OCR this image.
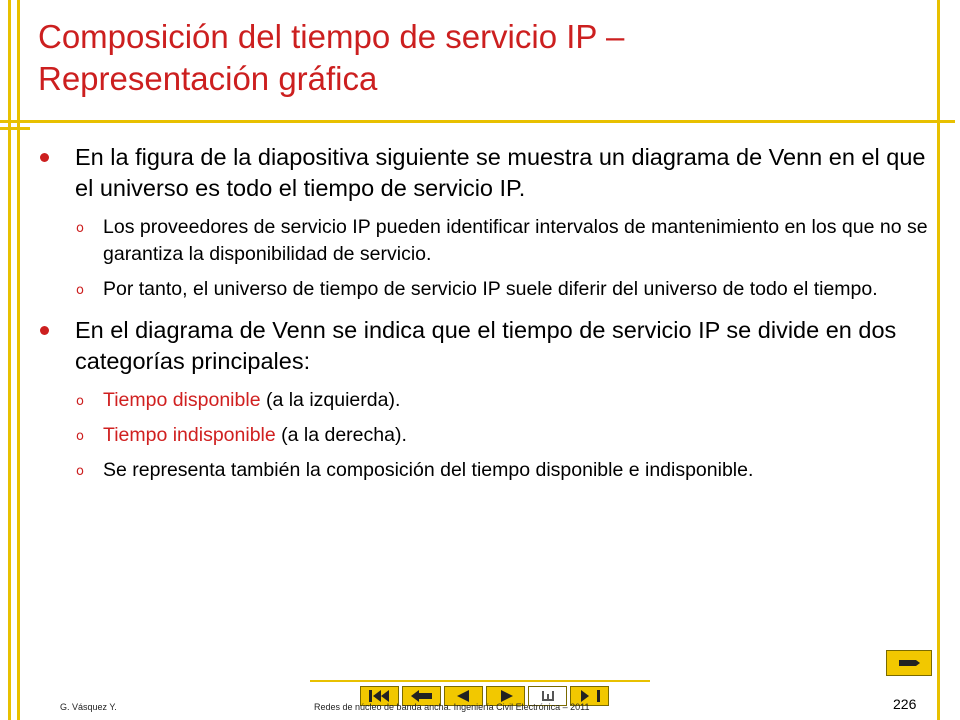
Composición del tiempo de servicio IP –
Representación gráfica
En la figura de la diapositiva siguiente se muestra un diagrama de Venn en el que el universo es todo el tiempo de servicio IP.
o Los proveedores de servicio IP pueden identificar intervalos de mantenimiento en los que no se garantiza la disponibilidad de servicio.
o Por tanto, el universo de tiempo de servicio IP suele diferir del universo de todo el tiempo.
En el diagrama de Venn se indica que el tiempo de servicio IP se divide en dos categorías principales:
o Tiempo disponible (a la izquierda).
o Tiempo indisponible (a la derecha).
o Se representa también la composición del tiempo disponible e indisponible.
G. Vásquez Y.	Redes de núcleo de banda ancha. Ingeniería Civil Electrónica – 2011	226
